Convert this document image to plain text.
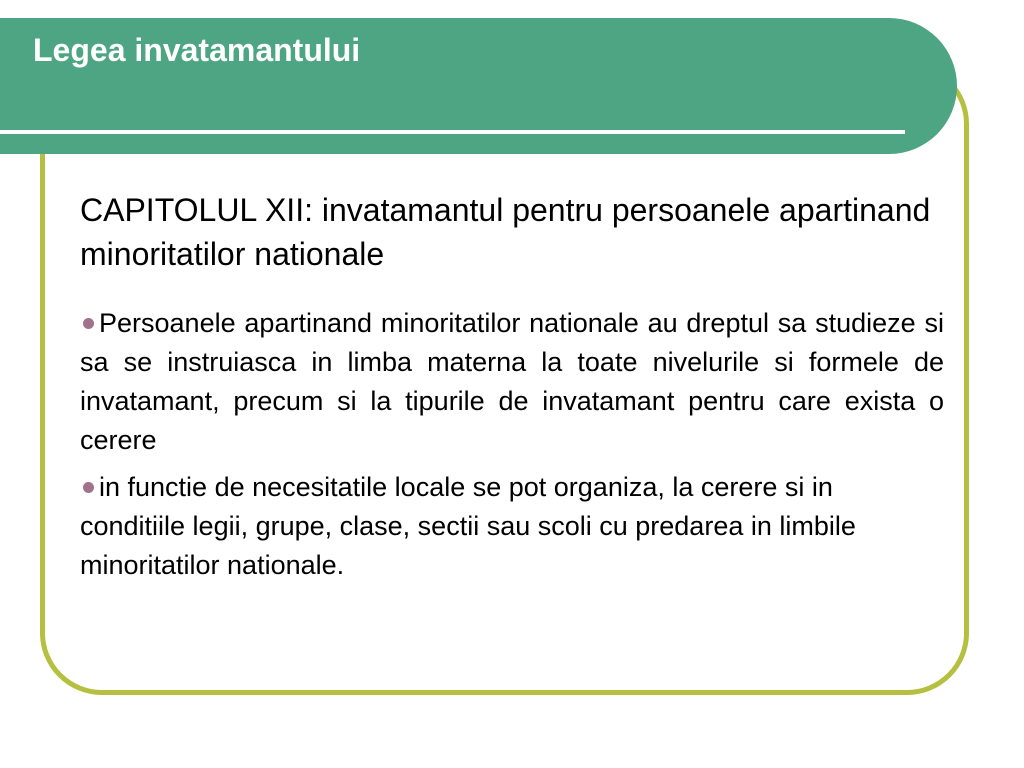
Legea invatamantului

CAPITOLUL XII: invatamantul pentru persoanele apartinand minoritatilor nationale

Persoanele apartinand minoritatilor nationale au dreptul sa studieze si sa se instruiasca in limba materna la toate nivelurile si formele de invatamant, precum si la tipurile de invatamant pentru care exista o cerere
in functie de necesitatile locale se pot organiza, la cerere si in conditiile legii, grupe, clase, sectii sau scoli cu predarea in limbile minoritatilor nationale.
